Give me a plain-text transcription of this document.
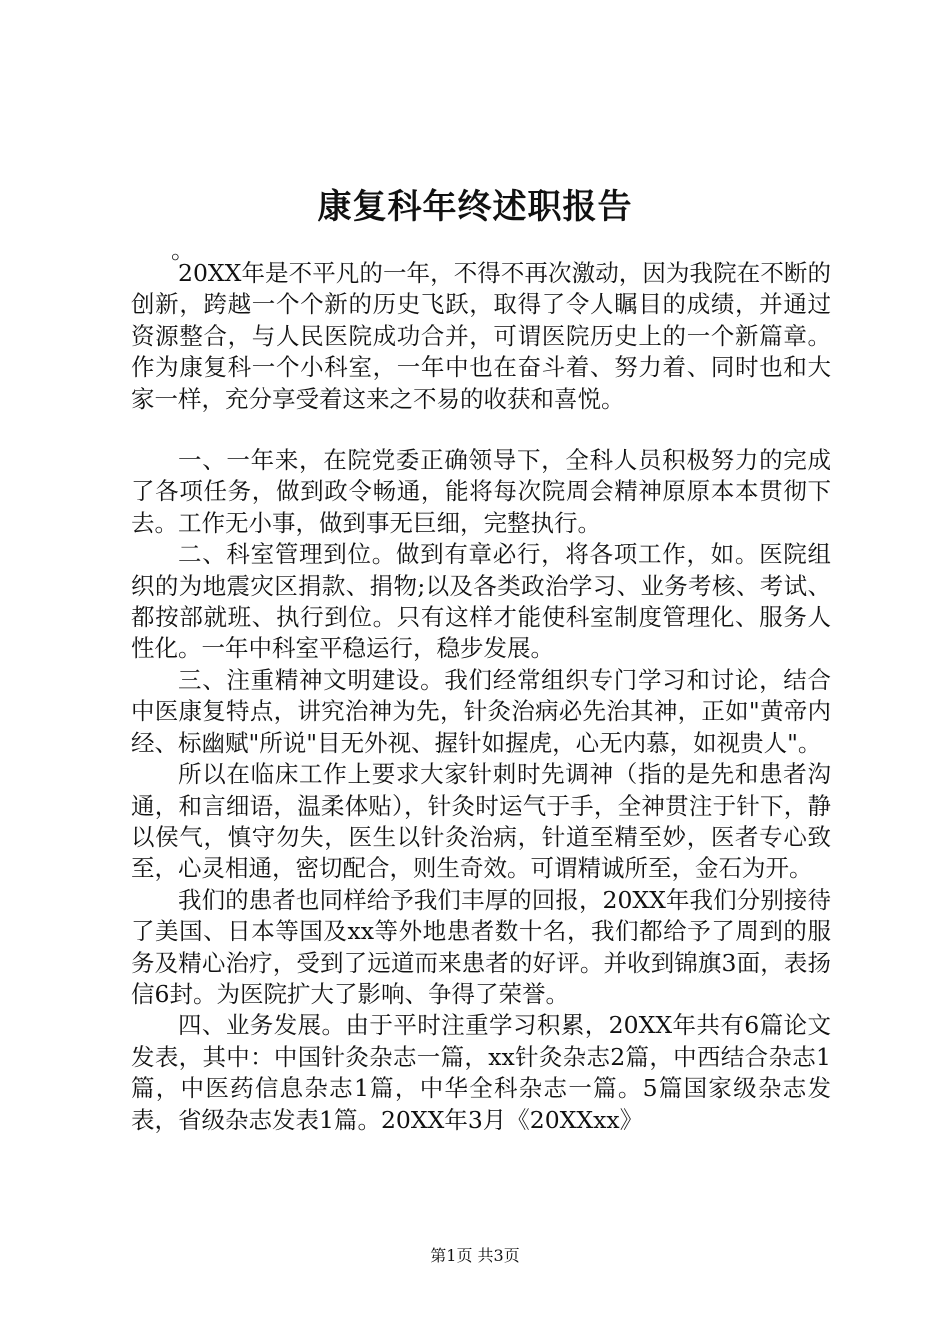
康复科年终述职报告

。

20XX年是不平凡的一年，不得不再次激动，因为我院在不断的创新，跨越一个个新的历史飞跃，取得了令人瞩目的成绩，并通过资源整合，与人民医院成功合并，可谓医院历史上的一个新篇章。作为康复科一个小科室，一年中也在奋斗着、努力着、同时也和大家一样，充分享受着这来之不易的收获和喜悦。

一、一年来，在院党委正确领导下，全科人员积极努力的完成了各项任务，做到政令畅通，能将每次院周会精神原原本本贯彻下去。工作无小事，做到事无巨细，完整执行。

二、科室管理到位。做到有章必行，将各项工作，如。医院组织的为地震灾区捐款、捐物;以及各类政治学习、业务考核、考试、都按部就班、执行到位。只有这样才能使科室制度管理化、服务人性化。一年中科室平稳运行，稳步发展。

三、注重精神文明建设。我们经常组织专门学习和讨论，结合中医康复特点，讲究治神为先，针灸治病必先治其神，正如"黄帝内经、标幽赋"所说"目无外视、握针如握虎，心无内慕，如视贵人"。

所以在临床工作上要求大家针刺时先调神（指的是先和患者沟通，和言细语，温柔体贴），针灸时运气于手，全神贯注于针下，静以侯气，慎守勿失，医生以针灸治病，针道至精至妙，医者专心致至，心灵相通，密切配合，则生奇效。可谓精诚所至，金石为开。

我们的患者也同样给予我们丰厚的回报，20XX年我们分别接待了美国、日本等国及xx等外地患者数十名，我们都给予了周到的服务及精心治疗，受到了远道而来患者的好评。并收到锦旗3面，表扬信6封。为医院扩大了影响、争得了荣誉。

四、业务发展。由于平时注重学习积累，20XX年共有6篇论文发表，其中：中国针灸杂志一篇，xx针灸杂志2篇，中西结合杂志1篇，中医药信息杂志1篇，中华全科杂志一篇。5篇国家级杂志发表，省级杂志发表1篇。20XX年3月《20XXxx》

第1页 共3页
